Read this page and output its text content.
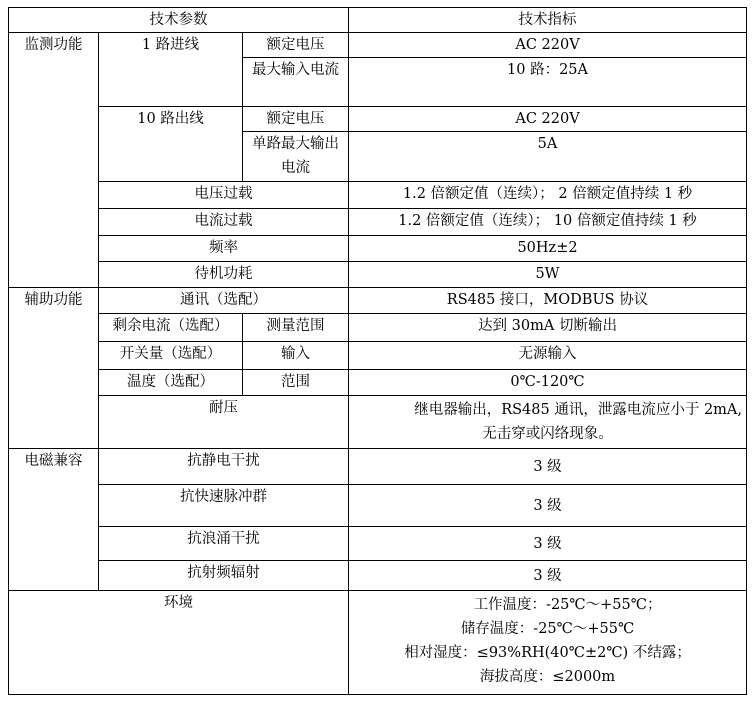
技术参数			技术指标
监测功能	1 路进线	额定电压	AC 220V
		最大输入电流	10 路：25A
	10 路出线	额定电压	AC 220V
		单路最大输出电流	5A
	电压过载		1.2 倍额定值（连续）； 2 倍额定值持续 1 秒
	电流过载		1.2 倍额定值（连续）； 10 倍额定值持续 1 秒
	频率		50Hz±2
	待机功耗		5W
辅助功能	通讯（选配）		RS485 接口，MODBUS 协议
	剩余电流（选配）	测量范围	达到 30mA 切断输出
	开关量（选配）	输入	无源输入
	温度（选配）	范围	0℃-120℃
	耐压		继电器输出，RS485 通讯，泄露电流应小于 2mA,
无击穿或闪络现象。

电磁兼容	抗静电干扰		3 级
	抗快速脉冲群		3 级
	抗浪涌干扰		3 级
	抗射频辐射		3 级
环境			工作温度：-25℃～+55℃；
储存温度：-25℃～+55℃
相对湿度：≤93%RH(40℃±2℃) 不结露；
海拔高度：≤2000m
